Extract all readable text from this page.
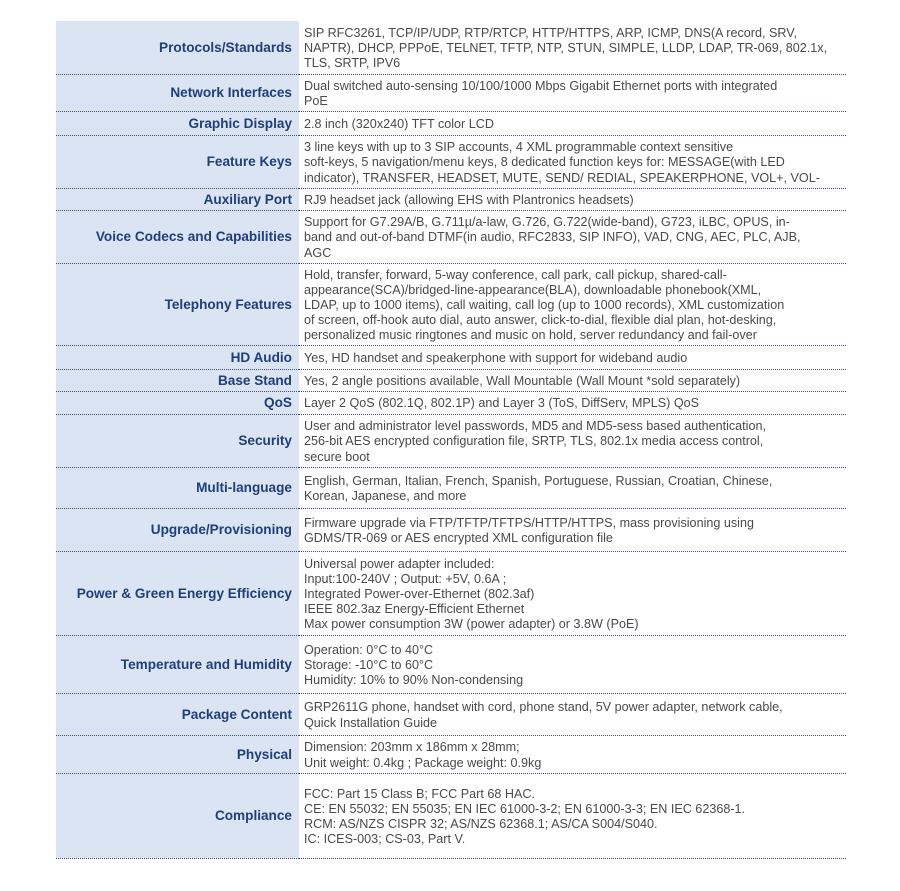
Protocols/Standards	SIP RFC3261, TCP/IP/UDP, RTP/RTCP, HTTP/HTTPS, ARP, ICMP, DNS(A record, SRV,
NAPTR), DHCP, PPPoE, TELNET, TFTP, NTP, STUN, SIMPLE, LLDP, LDAP, TR-069, 802.1x,
TLS, SRTP, IPV6

Network Interfaces	Dual switched auto-sensing 10/100/1000 Mbps Gigabit Ethernet ports with integrated
PoE

Graphic Display	2.8 inch (320x240) TFT color LCD

Feature Keys	3 line keys with up to 3 SIP accounts, 4 XML programmable context sensitive
soft-keys, 5 navigation/menu keys, 8 dedicated function keys for: MESSAGE(with LED
indicator), TRANSFER, HEADSET, MUTE, SEND/ REDIAL, SPEAKERPHONE, VOL+, VOL-

Auxiliary Port	RJ9 headset jack (allowing EHS with Plantronics headsets)

Voice Codecs and Capabilities	Support for G7.29A/B, G.711µ/a-law, G.726, G.722(wide-band), G723, iLBC, OPUS, in-
band and out-of-band DTMF(in audio, RFC2833, SIP INFO), VAD, CNG, AEC, PLC, AJB,
AGC

Telephony Features	Hold, transfer, forward, 5-way conference, call park, call pickup, shared-call-
appearance(SCA)/bridged-line-appearance(BLA), downloadable phonebook(XML,
LDAP, up to 1000 items), call waiting, call log (up to 1000 records), XML customization
of screen, off-hook auto dial, auto answer, click-to-dial, flexible dial plan, hot-desking,
personalized music ringtones and music on hold, server redundancy and fail-over

HD Audio	Yes, HD handset and speakerphone with support for wideband audio

Base Stand	Yes, 2 angle positions available, Wall Mountable (Wall Mount *sold separately)

QoS	Layer 2 QoS (802.1Q, 802.1P) and Layer 3 (ToS, DiffServ, MPLS) QoS

Security	User and administrator level passwords, MD5 and MD5-sess based authentication,
256-bit AES encrypted configuration file, SRTP, TLS, 802.1x media access control,
secure boot

Multi-language	English, German, Italian, French, Spanish, Portuguese, Russian, Croatian, Chinese,
Korean, Japanese, and more

Upgrade/Provisioning	Firmware upgrade via FTP/TFTP/TFTPS/HTTP/HTTPS, mass provisioning using
GDMS/TR-069 or AES encrypted XML configuration file

Power & Green Energy Efficiency	Universal power adapter included:
Input:100-240V ; Output: +5V, 0.6A ;
Integrated Power-over-Ethernet (802.3af)
IEEE 802.3az Energy-Efficient Ethernet
Max power consumption 3W (power adapter) or 3.8W (PoE)

Temperature and Humidity	Operation: 0°C to 40°C
Storage: -10°C to 60°C
Humidity: 10% to 90% Non-condensing

Package Content	GRP2611G phone, handset with cord, phone stand, 5V power adapter, network cable,
Quick Installation Guide

Physical	Dimension: 203mm x 186mm x 28mm;
Unit weight: 0.4kg ; Package weight: 0.9kg

Compliance	FCC: Part 15 Class B; FCC Part 68 HAC.
CE: EN 55032; EN 55035; EN IEC 61000-3-2; EN 61000-3-3; EN IEC 62368-1.
RCM: AS/NZS CISPR 32; AS/NZS 62368.1; AS/CA S004/S040.
IC: ICES-003; CS-03, Part V.
